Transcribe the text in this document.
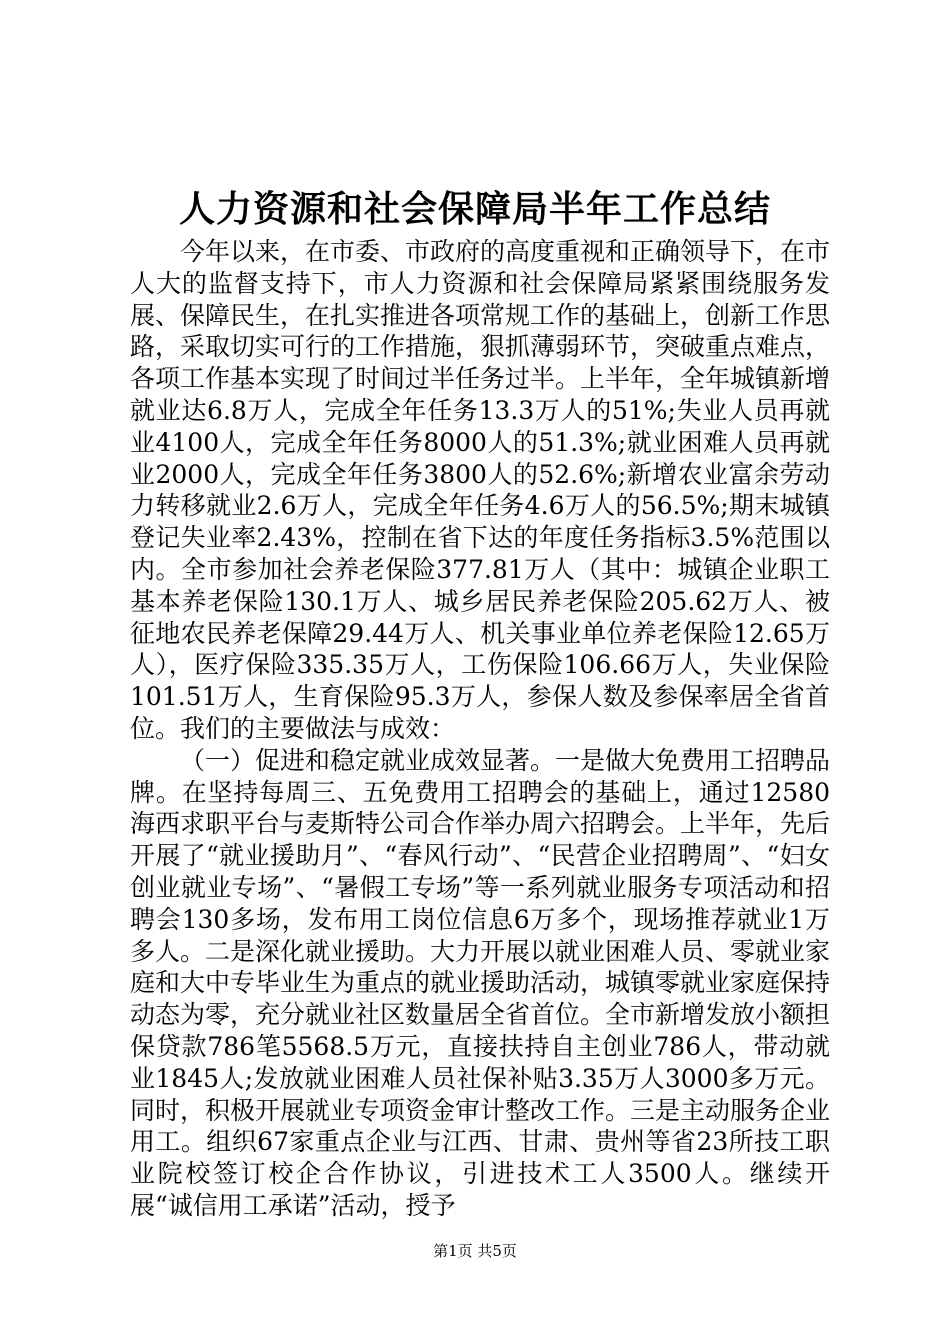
人力资源和社会保障局半年工作总结

今年以来，在市委、市政府的高度重视和正确领导下，在市人大的监督支持下，市人力资源和社会保障局紧紧围绕服务发展、保障民生，在扎实推进各项常规工作的基础上，创新工作思路，采取切实可行的工作措施，狠抓薄弱环节，突破重点难点，各项工作基本实现了时间过半任务过半。上半年，全年城镇新增就业达6.8万人，完成全年任务13.3万人的51%;失业人员再就业4100人，完成全年任务8000人的51.3%;就业困难人员再就业2000人，完成全年任务3800人的52.6%;新增农业富余劳动力转移就业2.6万人，完成全年任务4.6万人的56.5%;期末城镇登记失业率2.43%，控制在省下达的年度任务指标3.5%范围以内。全市参加社会养老保险377.81万人（其中：城镇企业职工基本养老保险130.1万人、城乡居民养老保险205.62万人、被征地农民养老保障29.44万人、机关事业单位养老保险12.65万人），医疗保险335.35万人，工伤保险106.66万人，失业保险101.51万人，生育保险95.3万人，参保人数及参保率居全省首位。我们的主要做法与成效：

（一）促进和稳定就业成效显著。一是做大免费用工招聘品牌。在坚持每周三、五免费用工招聘会的基础上，通过12580海西求职平台与麦斯特公司合作举办周六招聘会。上半年，先后开展了“就业援助月”、“春风行动”、“民营企业招聘周”、“妇女创业就业专场”、“暑假工专场”等一系列就业服务专项活动和招聘会130多场，发布用工岗位信息6万多个，现场推荐就业1万多人。二是深化就业援助。大力开展以就业困难人员、零就业家庭和大中专毕业生为重点的就业援助活动，城镇零就业家庭保持动态为零，充分就业社区数量居全省首位。全市新增发放小额担保贷款786笔5568.5万元，直接扶持自主创业786人，带动就业1845人;发放就业困难人员社保补贴3.35万人3000多万元。同时，积极开展就业专项资金审计整改工作。三是主动服务企业用工。组织67家重点企业与江西、甘肃、贵州等省23所技工职业院校签订校企合作协议，引进技术工人3500人。继续开展“诚信用工承诺”活动，授予

第1页 共5页
